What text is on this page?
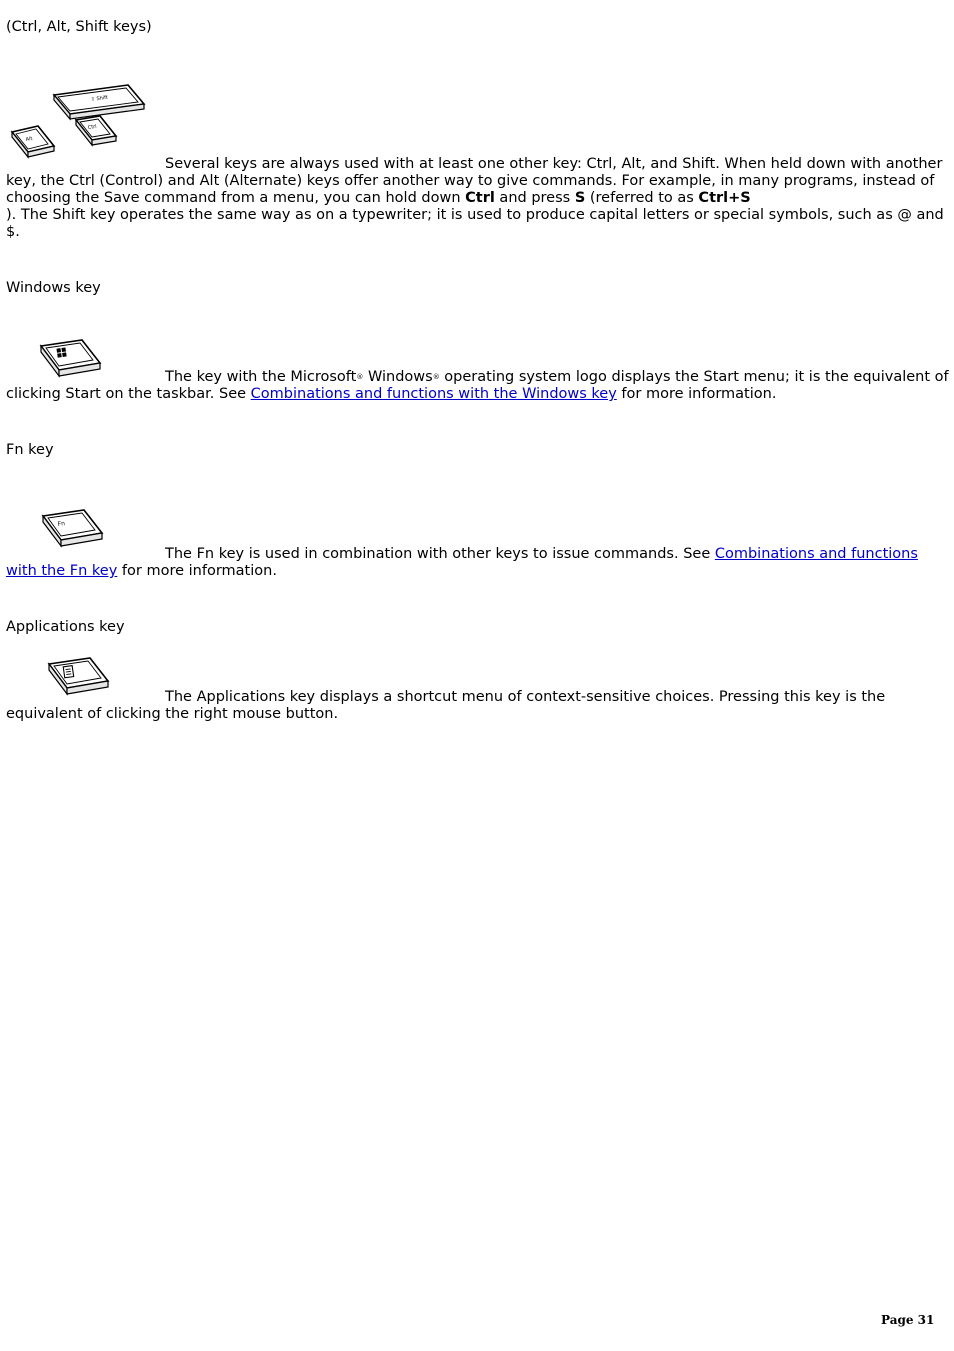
(Ctrl, Alt, Shift keys)
⇧ Shift
Ctrl
Alt

Several keys are always used with at least one other key: Ctrl, Alt, and Shift. When held down with another key, the Ctrl (Control) and Alt (Alternate) keys offer another way to give commands. For example, in many programs, instead of choosing the Save command from a menu, you can hold down Ctrl and press S (referred to as Ctrl+S
). The Shift key operates the same way as on a typewriter; it is used to produce capital letters or special symbols, such as @ and $.

Windows key

The key with the Microsoft® Windows® operating system logo displays the Start menu; it is the equivalent of clicking Start on the taskbar. See Combinations and functions with the Windows key for more information.

Fn key
Fn

The Fn key is used in combination with other keys to issue commands. See Combinations and functions with the Fn key for more information.

Applications key

The Applications key displays a shortcut menu of context-sensitive choices. Pressing this key is the equivalent of clicking the right mouse button.

Page 31
